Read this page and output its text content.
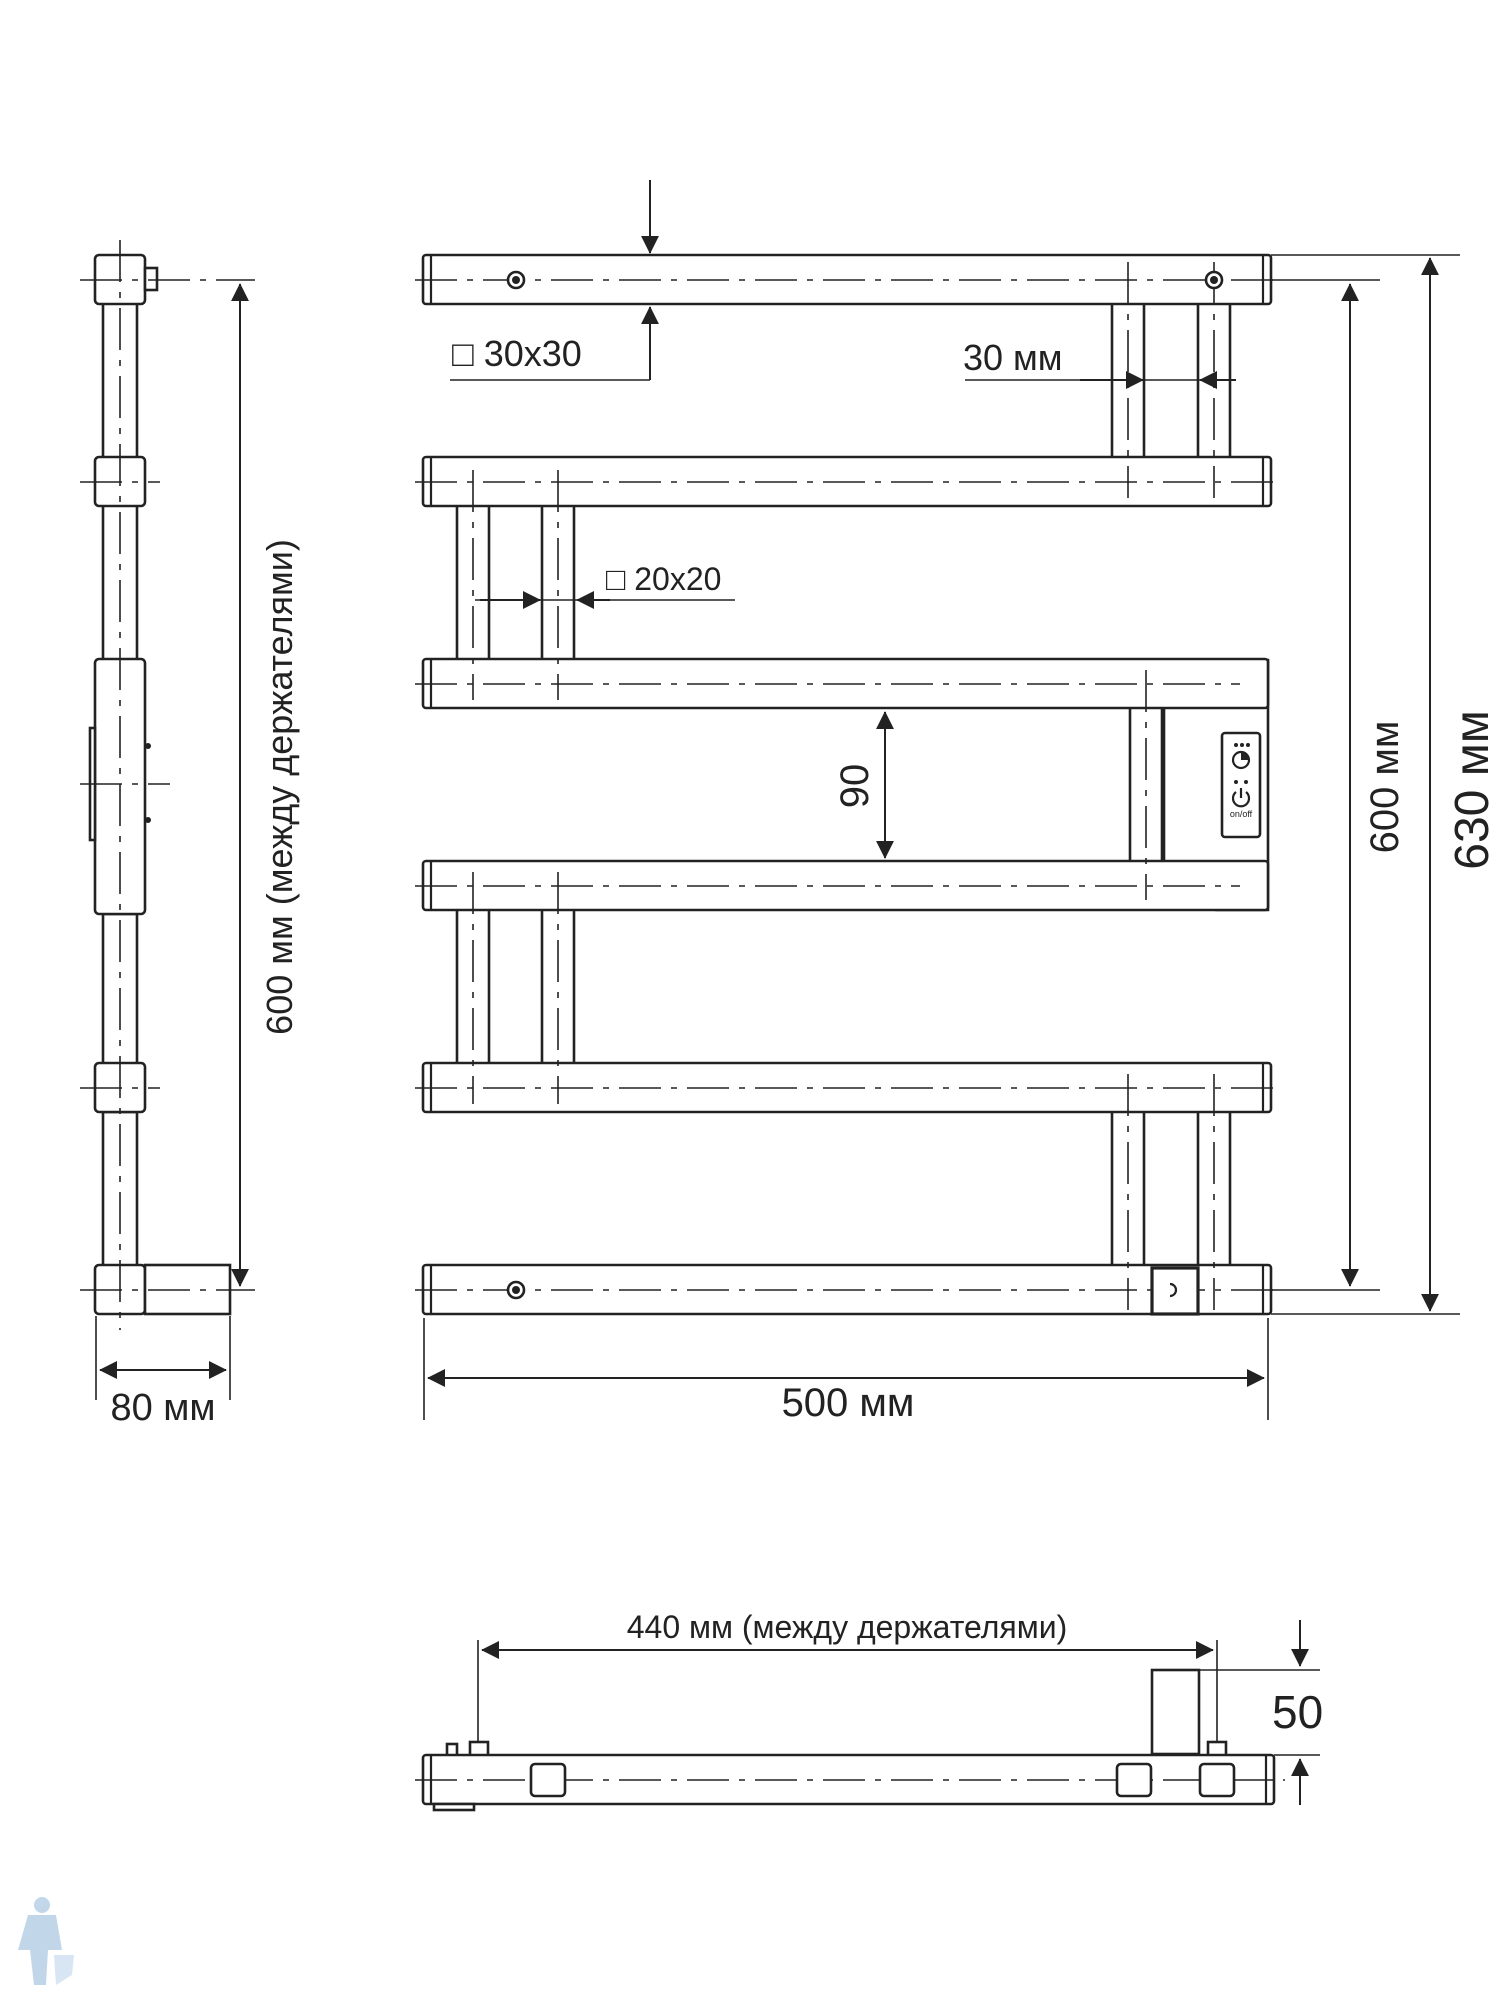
on/off
□ 30x30	30 мм
□ 20x20
90	600 мм 630 мм
500 мм
600 мм (между держателями)
80 мм
440 мм (между держателями)
50
